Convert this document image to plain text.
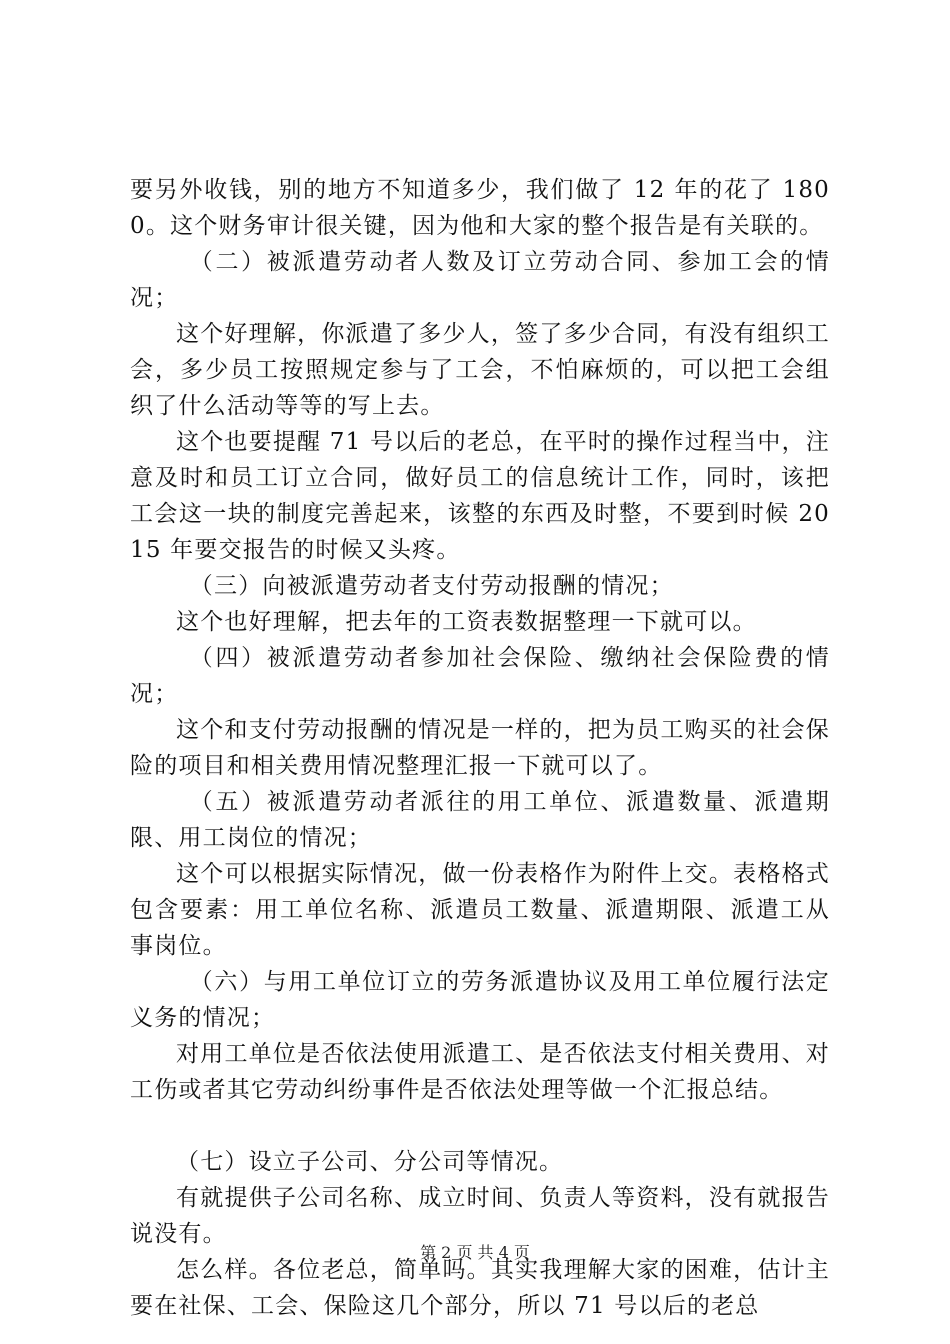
要另外收钱，别的地方不知道多少，我们做了 12 年的花了 1800。这个财务审计很关键，因为他和大家的整个报告是有关联的。

（二）被派遣劳动者人数及订立劳动合同、参加工会的情况；

这个好理解，你派遣了多少人，签了多少合同，有没有组织工会，多少员工按照规定参与了工会，不怕麻烦的，可以把工会组织了什么活动等等的写上去。

这个也要提醒 71 号以后的老总，在平时的操作过程当中，注意及时和员工订立合同，做好员工的信息统计工作，同时，该把工会这一块的制度完善起来，该整的东西及时整，不要到时候 2015 年要交报告的时候又头疼。

（三）向被派遣劳动者支付劳动报酬的情况；

这个也好理解，把去年的工资表数据整理一下就可以。

（四）被派遣劳动者参加社会保险、缴纳社会保险费的情况；

这个和支付劳动报酬的情况是一样的，把为员工购买的社会保险的项目和相关费用情况整理汇报一下就可以了。

（五）被派遣劳动者派往的用工单位、派遣数量、派遣期限、用工岗位的情况；

这个可以根据实际情况，做一份表格作为附件上交。表格格式包含要素：用工单位名称、派遣员工数量、派遣期限、派遣工从事岗位。

（六）与用工单位订立的劳务派遣协议及用工单位履行法定义务的情况；

对用工单位是否依法使用派遣工、是否依法支付相关费用、对工伤或者其它劳动纠纷事件是否依法处理等做一个汇报总结。

（七）设立子公司、分公司等情况。

有就提供子公司名称、成立时间、负责人等资料，没有就报告说没有。

怎么样。各位老总，简单吗。其实我理解大家的困难，估计主要在社保、工会、保险这几个部分，所以 71 号以后的老总

第 2 页 共 4 页
